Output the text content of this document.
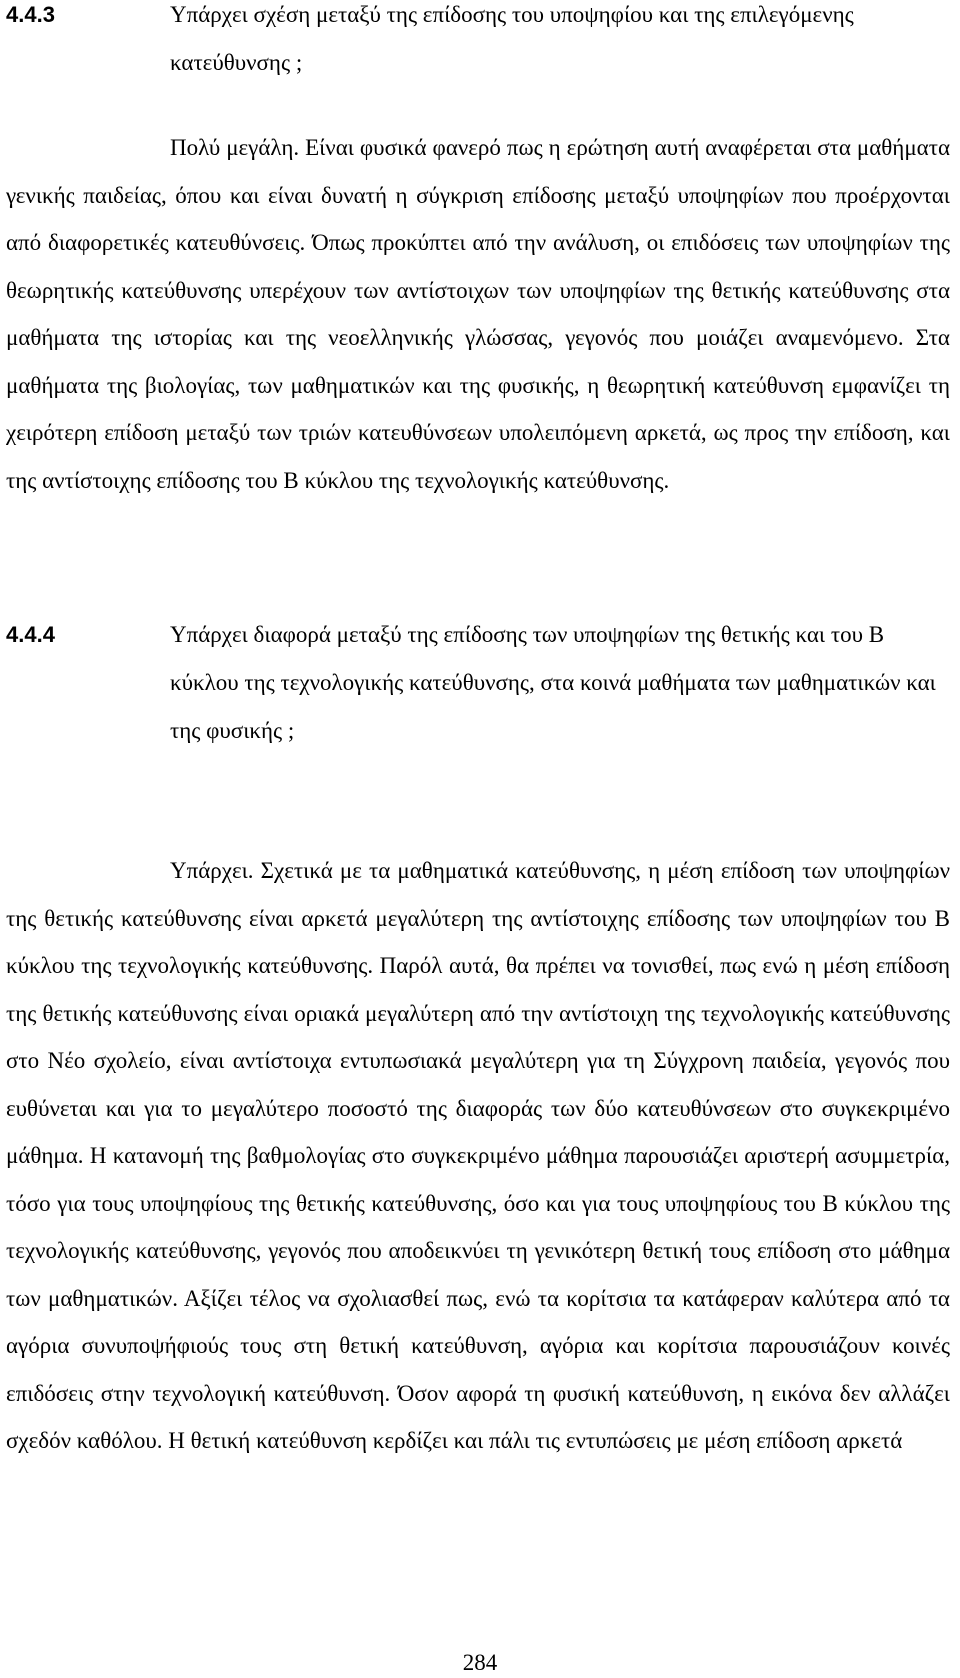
4.4.3	Υπάρχει σχέση μεταξύ της επίδοσης του υποψηφίου και της επιλεγόμενης κατεύθυνσης ;

Πολύ μεγάλη. Είναι φυσικά φανερό πως η ερώτηση αυτή αναφέρεται στα μαθήματα γενικής παιδείας, όπου και είναι δυνατή η σύγκριση επίδοσης μεταξύ υποψηφίων που προέρχονται από διαφορετικές κατευθύνσεις. Όπως προκύπτει από την ανάλυση, οι επιδόσεις των υποψηφίων της θεωρητικής κατεύθυνσης υπερέχουν των αντίστοιχων των υποψηφίων της θετικής κατεύθυνσης στα μαθήματα της ιστορίας και της νεοελληνικής γλώσσας, γεγονός που μοιάζει αναμενόμενο. Στα μαθήματα της βιολογίας, των μαθηματικών και της φυσικής, η θεωρητική κατεύθυνση εμφανίζει τη χειρότερη επίδοση μεταξύ των τριών κατευθύνσεων υπολειπόμενη αρκετά, ως προς την επίδοση, και της αντίστοιχης επίδοσης του Β κύκλου της τεχνολογικής κατεύθυνσης.

4.4.4	Υπάρχει διαφορά μεταξύ της επίδοσης των υποψηφίων της θετικής και του Β κύκλου της τεχνολογικής κατεύθυνσης, στα κοινά μαθήματα των μαθηματικών και της φυσικής ;

Υπάρχει. Σχετικά με τα μαθηματικά κατεύθυνσης, η μέση επίδοση των υποψηφίων της θετικής κατεύθυνσης είναι αρκετά μεγαλύτερη της αντίστοιχης επίδοσης των υποψηφίων του Β κύκλου της τεχνολογικής κατεύθυνσης. Παρόλ αυτά, θα πρέπει να τονισθεί, πως ενώ η μέση επίδοση της θετικής κατεύθυνσης είναι οριακά μεγαλύτερη από την αντίστοιχη της τεχνολογικής κατεύθυνσης στο Νέο σχολείο, είναι αντίστοιχα εντυπωσιακά μεγαλύτερη για τη Σύγχρονη παιδεία, γεγονός που ευθύνεται και για το μεγαλύτερο ποσοστό της διαφοράς των δύο κατευθύνσεων στο συγκεκριμένο μάθημα. Η κατανομή της βαθμολογίας στο συγκεκριμένο μάθημα παρουσιάζει αριστερή ασυμμετρία, τόσο για τους υποψηφίους της θετικής κατεύθυνσης, όσο και για τους υποψηφίους του Β κύκλου της τεχνολογικής κατεύθυνσης, γεγονός που αποδεικνύει τη γενικότερη θετική τους επίδοση στο μάθημα των μαθηματικών. Αξίζει τέλος να σχολιασθεί πως, ενώ τα κορίτσια τα κατάφεραν καλύτερα από τα αγόρια συνυποψήφιούς τους στη θετική κατεύθυνση, αγόρια και κορίτσια παρουσιάζουν κοινές επιδόσεις στην τεχνολογική κατεύθυνση. Όσον αφορά τη φυσική κατεύθυνση, η εικόνα δεν αλλάζει σχεδόν καθόλου. Η θετική κατεύθυνση κερδίζει και πάλι τις εντυπώσεις με μέση επίδοση αρκετά

284
